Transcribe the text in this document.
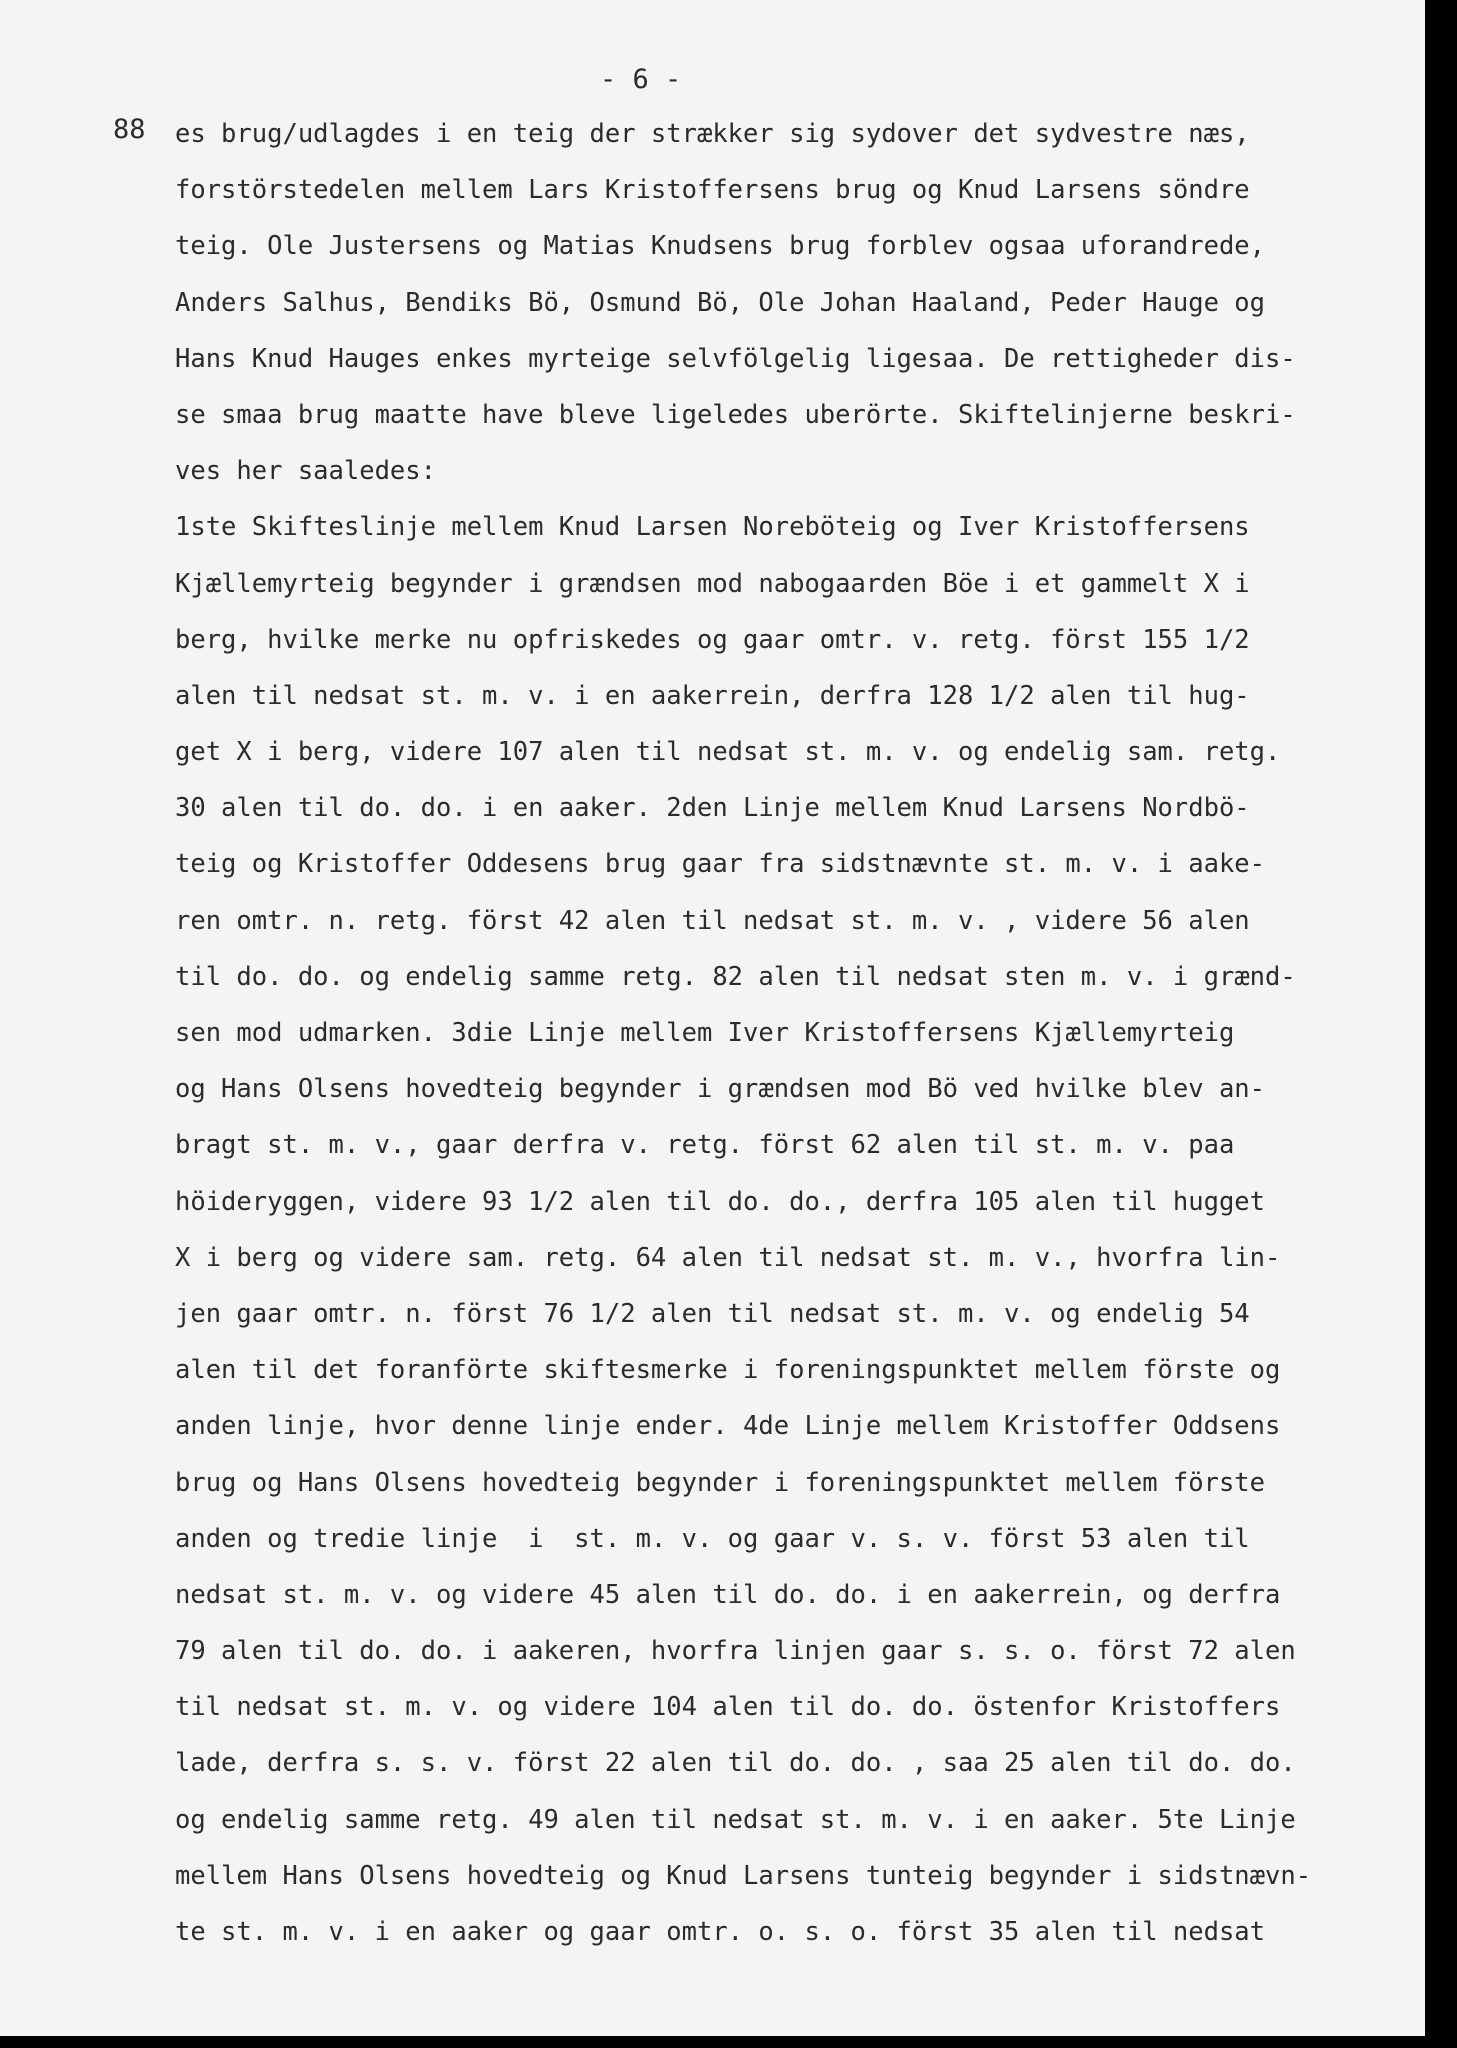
- 6 -
88 es brug/udlagdes i en teig der strækker sig sydover det sydvestre næs,
forstörstedelen mellem Lars Kristoffersens brug og Knud Larsens söndre
teig. Ole Justersens og Matias Knudsens brug forblev ogsaa uforandrede,
Anders Salhus, Bendiks Bö, Osmund Bö, Ole Johan Haaland, Peder Hauge og
Hans Knud Hauges enkes myrteige selvfölgelig ligesaa. De rettigheder dis-
se smaa brug maatte have bleve ligeledes uberörte. Skiftelinjerne beskri-
ves her saaledes:
1ste Skifteslinje mellem Knud Larsen Noreböteig og Iver Kristoffersens
Kjællemyrteig begynder i grændsen mod nabogaarden Böe i et gammelt X i
berg, hvilke merke nu opfriskedes og gaar omtr. v. retg. först 155 1/2
alen til nedsat st. m. v. i en aakerrein, derfra 128 1/2 alen til hug-
get X i berg, videre 107 alen til nedsat st. m. v. og endelig sam. retg.
30 alen til do. do. i en aaker. 2den Linje mellem Knud Larsens Nordbö-
teig og Kristoffer Oddesens brug gaar fra sidstnævnte st. m. v. i aake-
ren omtr. n. retg. först 42 alen til nedsat st. m. v. , videre 56 alen
til do. do. og endelig samme retg. 82 alen til nedsat sten m. v. i grænd-
sen mod udmarken. 3die Linje mellem Iver Kristoffersens Kjællemyrteig
og Hans Olsens hovedteig begynder i grændsen mod Bö ved hvilke blev an-
bragt st. m. v., gaar derfra v. retg. först 62 alen til st. m. v. paa
höideryggen, videre 93 1/2 alen til do. do., derfra 105 alen til hugget
X i berg og videre sam. retg. 64 alen til nedsat st. m. v., hvorfra lin-
jen gaar omtr. n. först 76 1/2 alen til nedsat st. m. v. og endelig 54
alen til det foranförte skiftesmerke i foreningspunktet mellem förste og
anden linje, hvor denne linje ender. 4de Linje mellem Kristoffer Oddsens
brug og Hans Olsens hovedteig begynder i foreningspunktet mellem förste
anden og tredie linje  i  st. m. v. og gaar v. s. v. först 53 alen til
nedsat st. m. v. og videre 45 alen til do. do. i en aakerrein, og derfra
79 alen til do. do. i aakeren, hvorfra linjen gaar s. s. o. först 72 alen
til nedsat st. m. v. og videre 104 alen til do. do. östenfor Kristoffers
lade, derfra s. s. v. först 22 alen til do. do. , saa 25 alen til do. do.
og endelig samme retg. 49 alen til nedsat st. m. v. i en aaker. 5te Linje
mellem Hans Olsens hovedteig og Knud Larsens tunteig begynder i sidstnævn-
te st. m. v. i en aaker og gaar omtr. o. s. o. först 35 alen til nedsat
